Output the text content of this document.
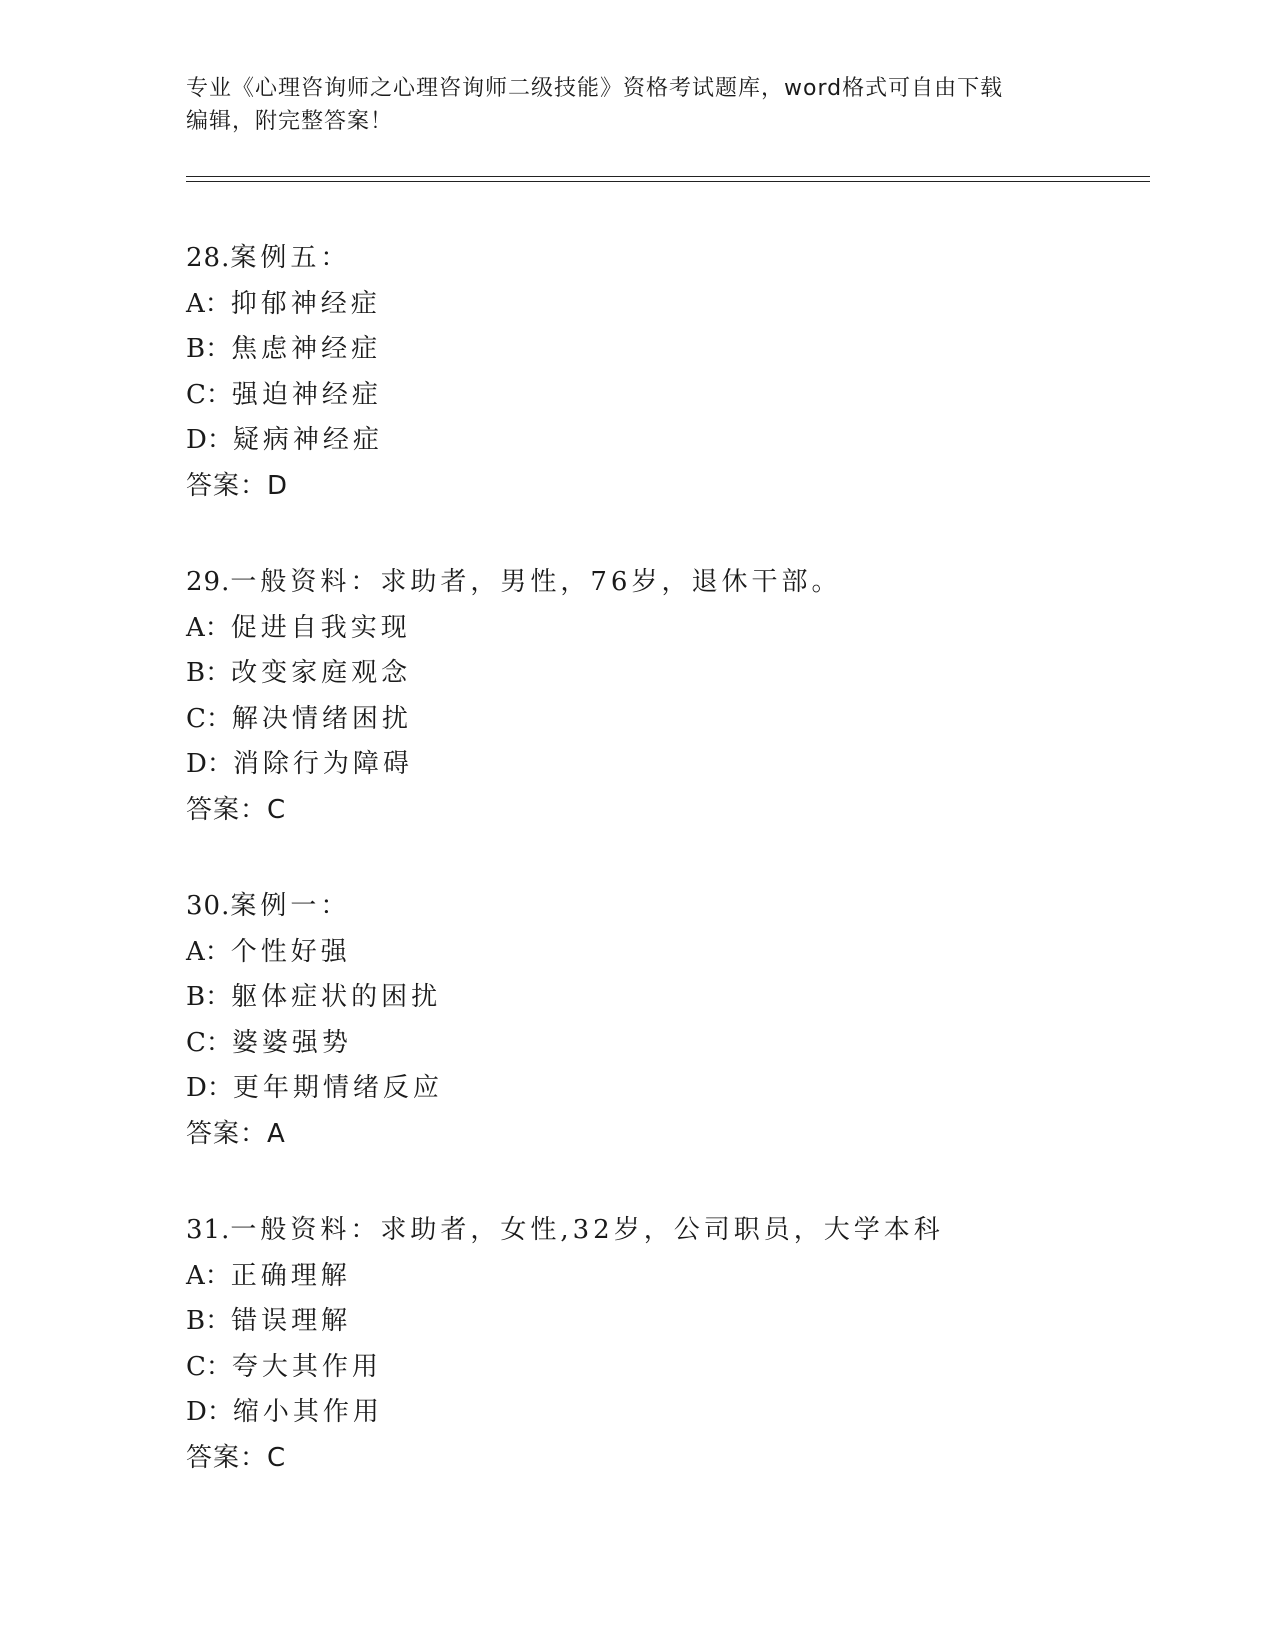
专业《心理咨询师之心理咨询师二级技能》资格考试题库，word格式可自由下载
编辑，附完整答案！
28.案例五：
A ： 抑郁神经症
B ： 焦虑神经症
C ： 强迫神经症
D ： 疑病神经症
答案：D
29.一般资料：求助者，男性，76岁，退休干部。
A ： 促进自我实现
B ： 改变家庭观念
C ： 解决情绪困扰
D ： 消除行为障碍
答案：C
30.案例一：
A ： 个性好强
B ： 躯体症状的困扰
C ： 婆婆强势
D ： 更年期情绪反应
答案：A
31.一般资料：求助者，女性,32岁，公司职员，大学本科
A ： 正确理解
B ： 错误理解
C ： 夸大其作用
D ： 缩小其作用
答案：C
